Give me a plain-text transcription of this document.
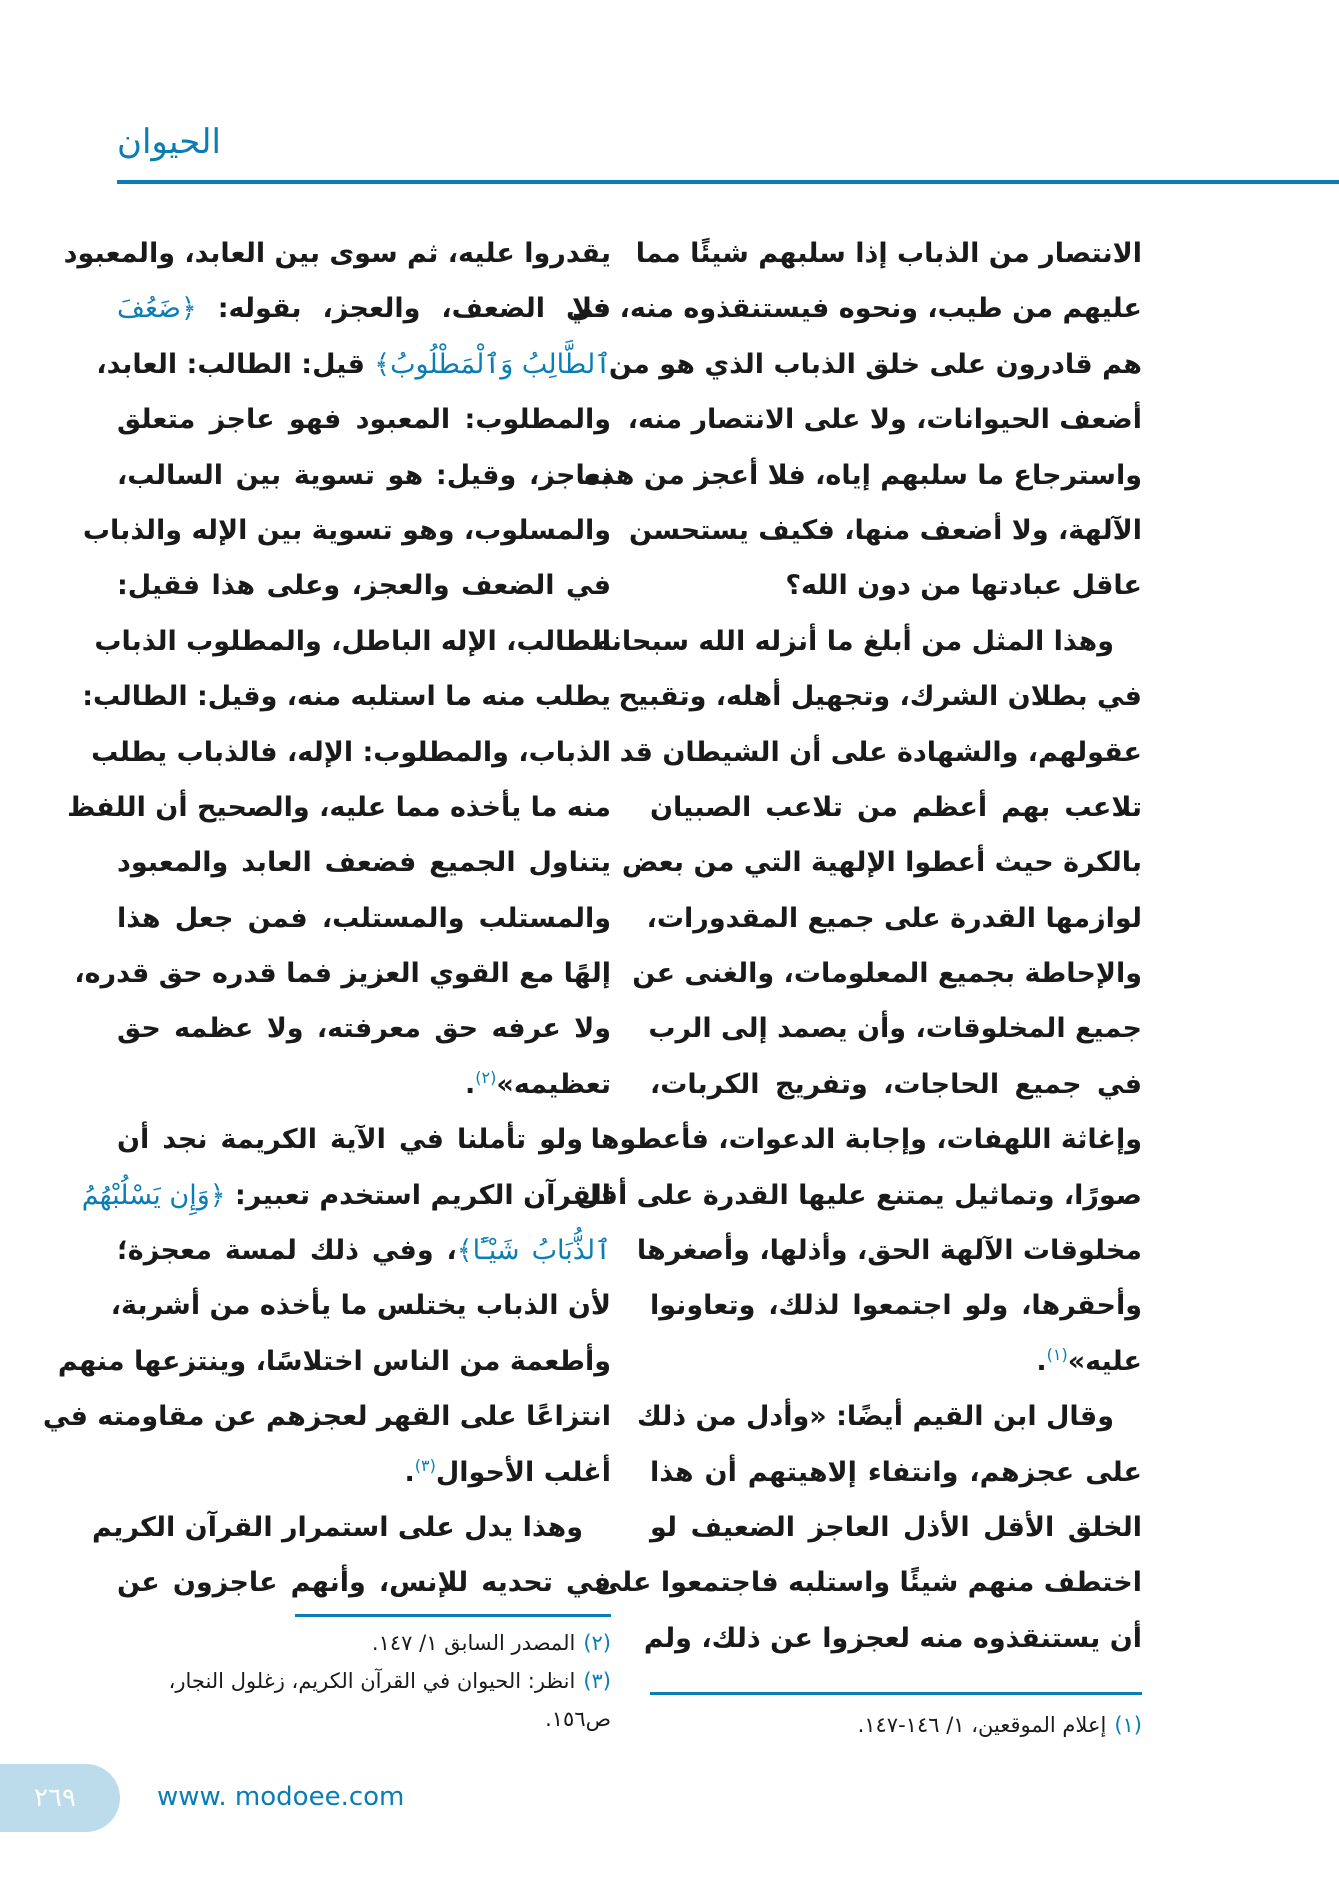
الحيوان
الانتصار من الذباب إذا سلبهم شيئًا مما
عليهم من طيب، ونحوه فيستنقذوه منه، فلا
هم قادرون على خلق الذباب الذي هو من
أضعف الحيوانات، ولا على الانتصار منه،
واسترجاع ما سلبهم إياه، فلا أعجز من هذه
الآلهة، ولا أضعف منها، فكيف يستحسن
عاقل عبادتها من دون الله؟
وهذا المثل من أبلغ ما أنزله الله سبحانه
في بطلان الشرك، وتجهيل أهله، وتقبيح
عقولهم، والشهادة على أن الشيطان قد
تلاعب بهم أعظم من تلاعب الصبيان
بالكرة حيث أعطوا الإلهية التي من بعض
لوازمها القدرة على جميع المقدورات،
والإحاطة بجميع المعلومات، والغنى عن
جميع المخلوقات، وأن يصمد إلى الرب
في جميع الحاجات، وتفريج الكربات،
وإغاثة اللهفات، وإجابة الدعوات، فأعطوها
صورًا، وتماثيل يمتنع عليها القدرة على أقل
مخلوقات الآلهة الحق، وأذلها، وأصغرها
وأحقرها، ولو اجتمعوا لذلك، وتعاونوا
عليه»$^{(١)}$.
وقال ابن القيم أيضًا: «وأدل من ذلك
على عجزهم، وانتفاء إلاهيتهم أن هذا
الخلق الأقل الأذل العاجز الضعيف لو
اختطف منهم شيئًا واستلبه فاجتمعوا على
أن يستنقذوه منه لعجزوا عن ذلك، ولم
يقدروا عليه، ثم سوى بين العابد، والمعبود
في الضعف، والعجز، بقوله: ﴿ضَعُفَ
ٱلطَّالِبُ وَٱلْمَطْلُوبُ﴾ قيل: الطالب: العابد،
والمطلوب: المعبود فهو عاجز متعلق
بعاجز، وقيل: هو تسوية بين السالب،
والمسلوب، وهو تسوية بين الإله والذباب
في الضعف والعجز، وعلى هذا فقيل:
الطالب، الإله الباطل، والمطلوب الذباب
يطلب منه ما استلبه منه، وقيل: الطالب:
الذباب، والمطلوب: الإله، فالذباب يطلب
منه ما يأخذه مما عليه، والصحيح أن اللفظ
يتناول الجميع فضعف العابد والمعبود
والمستلب والمستلب، فمن جعل هذا
إلهًا مع القوي العزيز فما قدره حق قدره،
ولا عرفه حق معرفته، ولا عظمه حق
تعظيمه»$^{(٢)}$.
ولو تأملنا في الآية الكريمة نجد أن
القرآن الكريم استخدم تعبير: ﴿وَإِن يَسْلُبْهُمُ
ٱلذُّبَابُ شَيْـًٔا﴾، وفي ذلك لمسة معجزة؛
لأن الذباب يختلس ما يأخذه من أشربة،
وأطعمة من الناس اختلاسًا، وينتزعها منهم
انتزاعًا على القهر لعجزهم عن مقاومته في
أغلب الأحوال$^{(٣)}$.
وهذا يدل على استمرار القرآن الكريم
في تحديه للإنس، وأنهم عاجزون عن
(٢)المصدر السابق ١/ ١٤٧.
(٣)انظر: الحيوان في القرآن الكريم، زغلول النجار، ص١٥٦.	(١)إعلام الموقعين، ١/ ١٤٦-١٤٧.
٢٦٩	www. modoee.com
